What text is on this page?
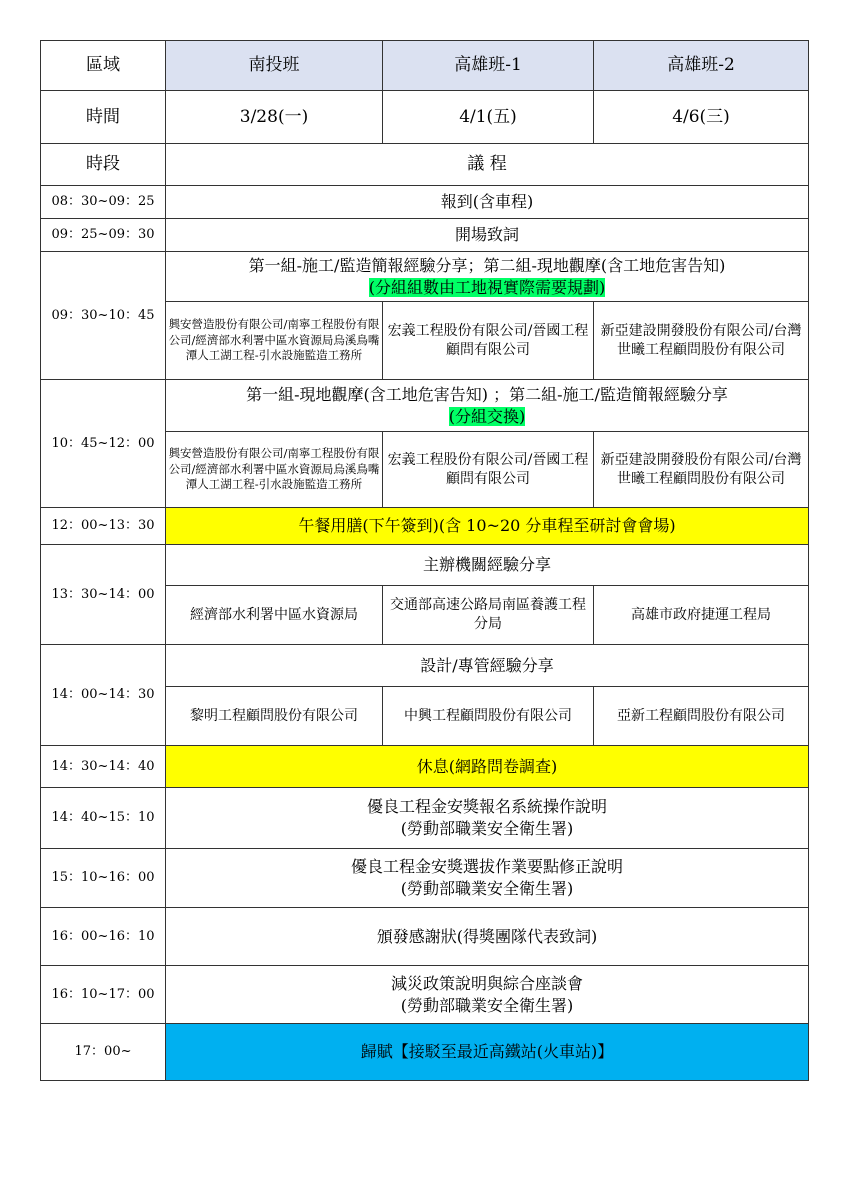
區域	南投班	高雄班-1	高雄班-2
時間	3/28(一)	4/1(五)	4/6(三)
時段	議 程		
08：30~09：25	報到(含車程)		
09：25~09：30	開場致詞		
09：30~10：45	第一組-施工/監造簡報經驗分享；第二組-現地觀摩(含工地危害告知)
(分組組數由工地視實際需要規劃)		

	興安營造股份有限公司/南寧工程股份有限公司/經濟部水利署中區水資源局烏溪鳥嘴潭人工湖工程-引水設施監造工務所	宏義工程股份有限公司/晉國工程顧問有限公司	新亞建設開發股份有限公司/台灣世曦工程顧問股份有限公司
10：45~12：00	第一組-現地觀摩(含工地危害告知) ；第二組-施工/監造簡報經驗分享
(分組交換)		

	興安營造股份有限公司/南寧工程股份有限公司/經濟部水利署中區水資源局烏溪鳥嘴潭人工湖工程-引水設施監造工務所	宏義工程股份有限公司/晉國工程顧問有限公司	新亞建設開發股份有限公司/台灣世曦工程顧問股份有限公司
12：00~13：30	午餐用膳(下午簽到)(含 10~20 分車程至研討會會場)		
13：30~14：00	主辦機關經驗分享		
	經濟部水利署中區水資源局	交通部高速公路局南區養護工程分局	高雄市政府捷運工程局
14：00~14：30	設計/專管經驗分享		
	黎明工程顧問股份有限公司	中興工程顧問股份有限公司	亞新工程顧問股份有限公司
14：30~14：40	休息(網路問卷調查)		
14：40~15：10	優良工程金安獎報名系統操作說明
(勞動部職業安全衛生署)		

15：10~16：00	優良工程金安獎選拔作業要點修正說明
(勞動部職業安全衛生署)		

16：00~16：10	頒發感謝狀(得獎團隊代表致詞)		
16：10~17：00	減災政策說明與綜合座談會
(勞動部職業安全衛生署)		

17：00~	歸賦【接駁至最近高鐵站(火車站)】		
